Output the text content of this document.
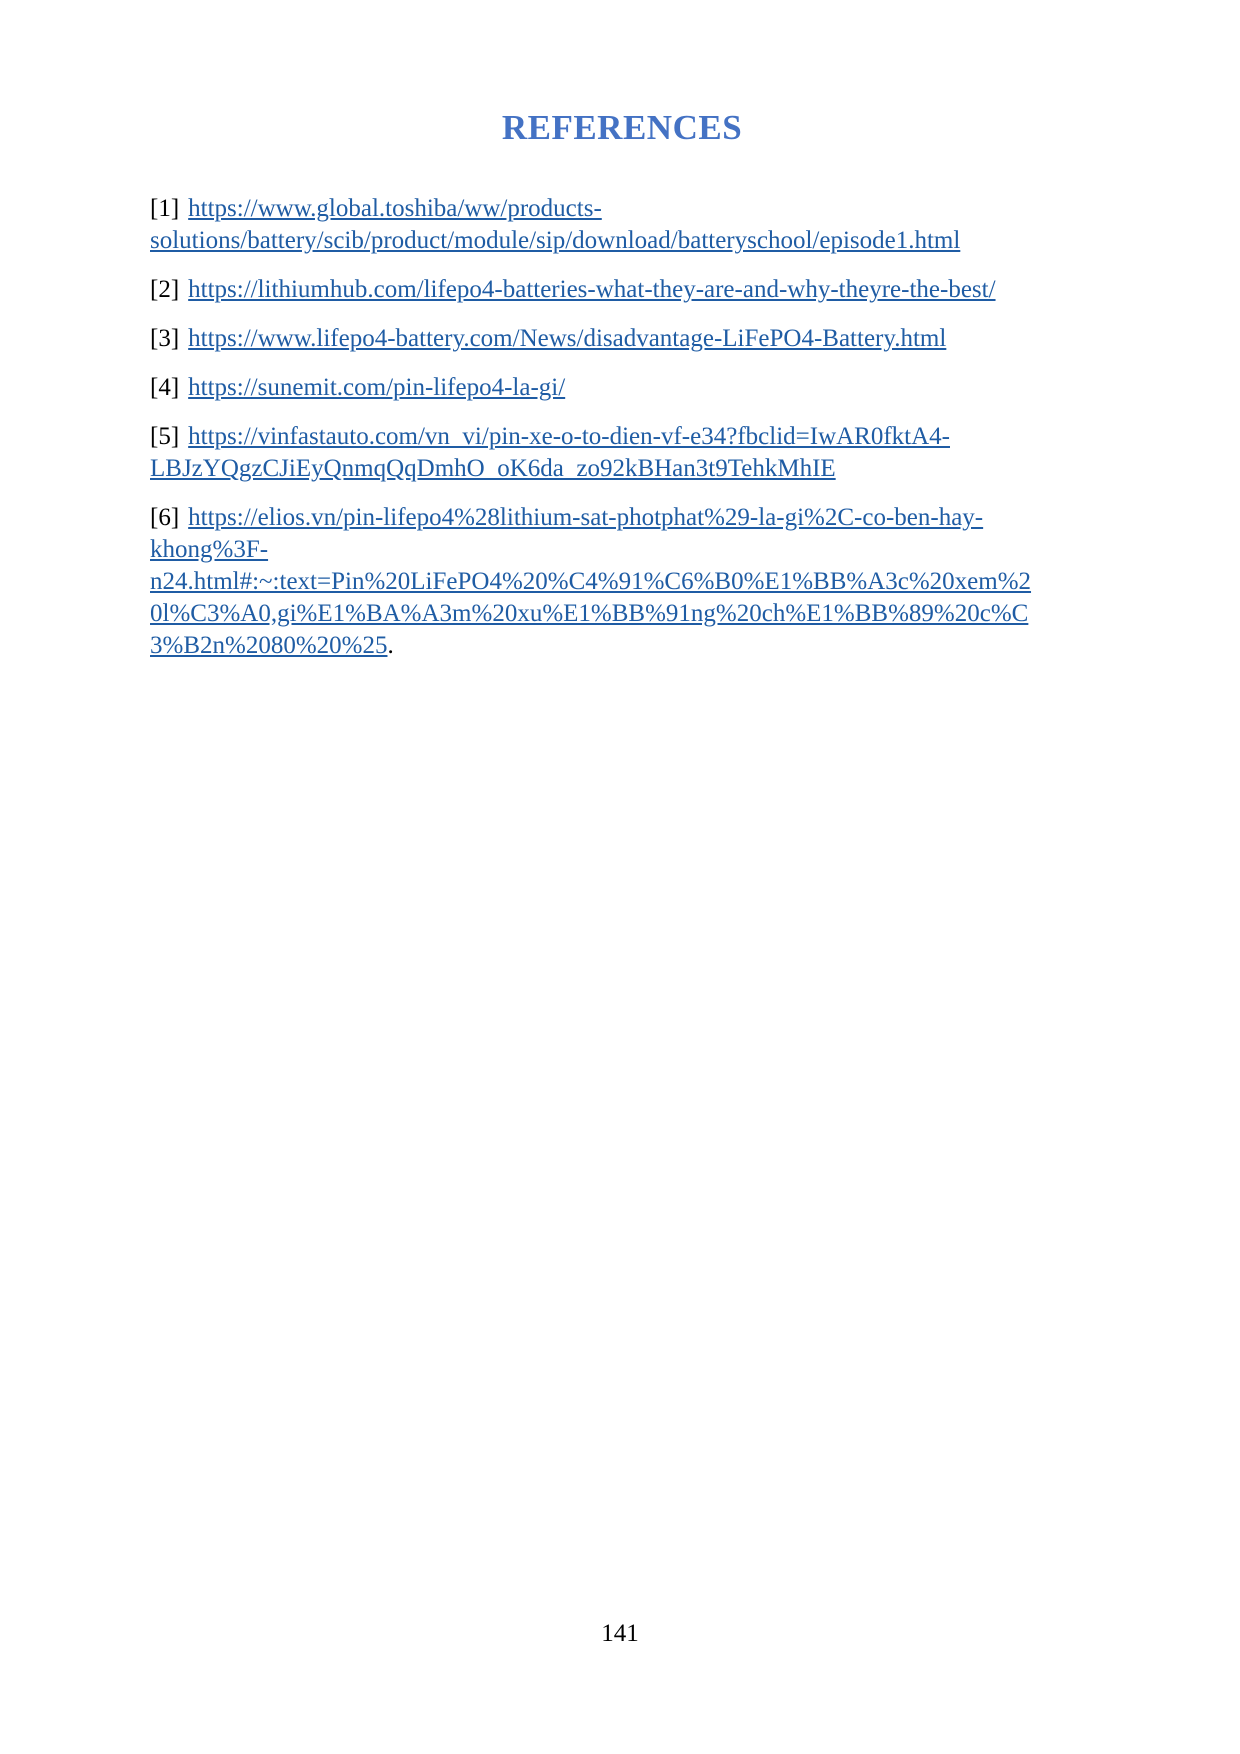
REFERENCES

[1] https://www.global.toshiba/ww/products-
solutions/battery/scib/product/module/sip/download/batteryschool/episode1.html

[2] https://lithiumhub.com/lifepo4-batteries-what-they-are-and-why-theyre-the-best/

[3] https://www.lifepo4-battery.com/News/disadvantage-LiFePO4-Battery.html

[4] https://sunemit.com/pin-lifepo4-la-gi/

[5] https://vinfastauto.com/vn_vi/pin-xe-o-to-dien-vf-e34?fbclid=IwAR0fktA4-
LBJzYQgzCJiEyQnmqQqDmhO_oK6da_zo92kBHan3t9TehkMhIE

[6] https://elios.vn/pin-lifepo4%28lithium-sat-photphat%29-la-gi%2C-co-ben-hay-
khong%3F-
n24.html#:~:text=Pin%20LiFePO4%20%C4%91%C6%B0%E1%BB%A3c%20xem%2
0l%C3%A0,gi%E1%BA%A3m%20xu%E1%BB%91ng%20ch%E1%BB%89%20c%C
3%B2n%2080%20%25.

141
